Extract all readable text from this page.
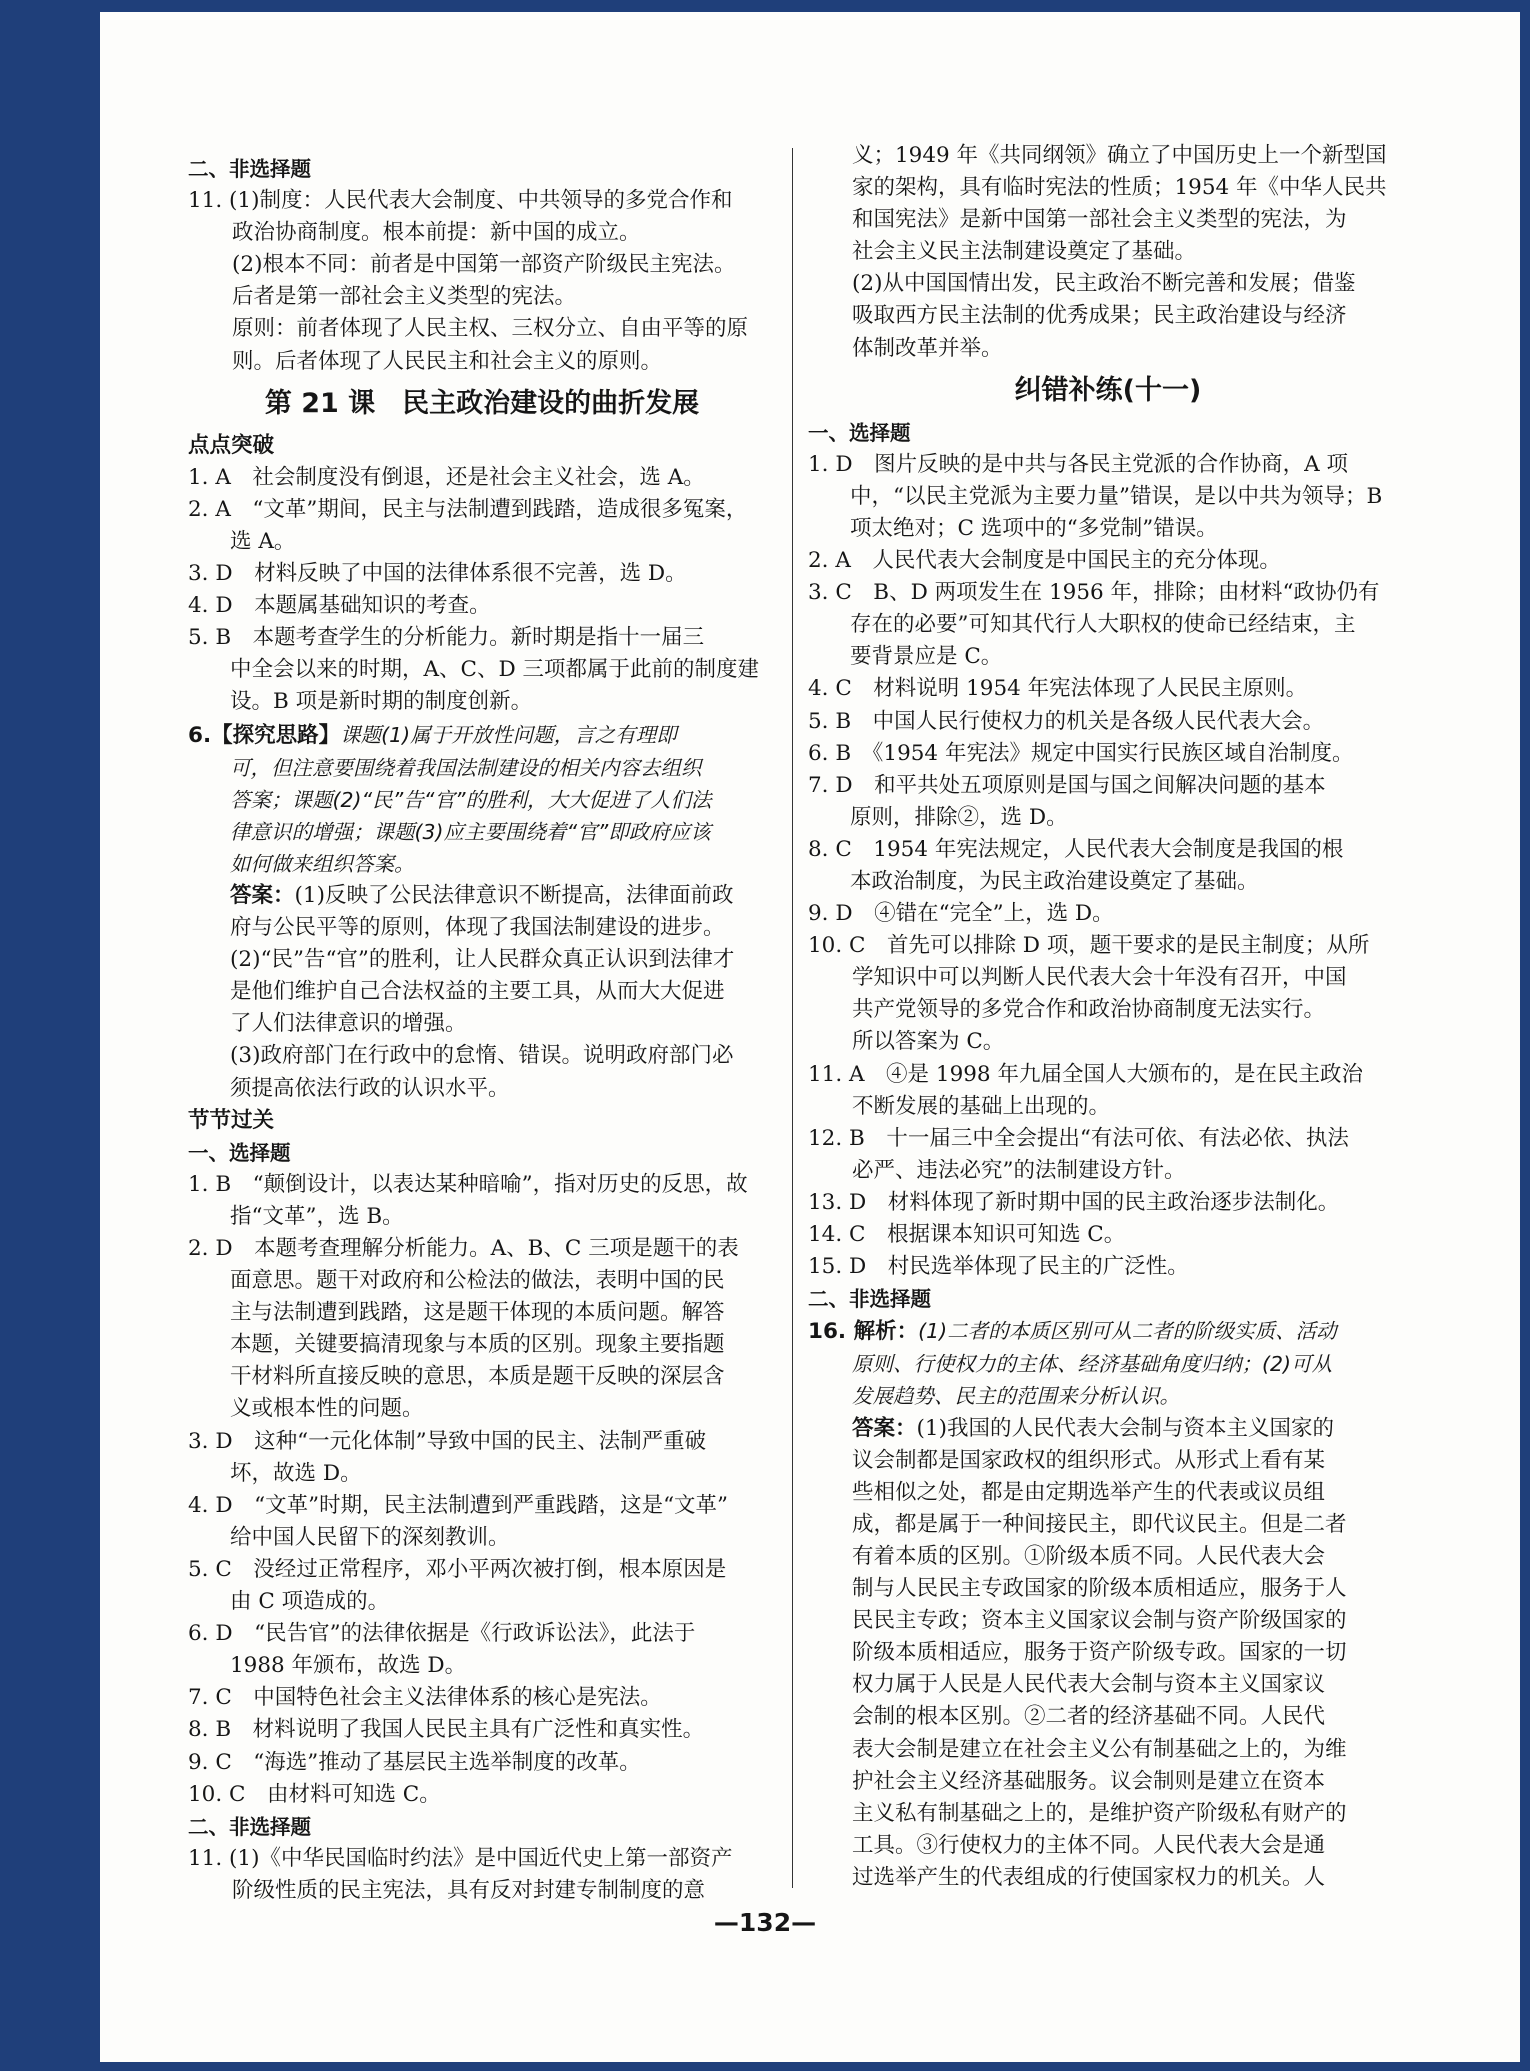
二、非选择题

11. (1)制度：人民代表大会制度、中共领导的多党合作和

政治协商制度。根本前提：新中国的成立。

(2)根本不同：前者是中国第一部资产阶级民主宪法。

后者是第一部社会主义类型的宪法。

原则：前者体现了人民主权、三权分立、自由平等的原

则。后者体现了人民民主和社会主义的原则。

第 21 课　民主政治建设的曲折发展

点点突破

1. A　社会制度没有倒退，还是社会主义社会，选 A。

2. A　“文革”期间，民主与法制遭到践踏，造成很多冤案，

选 A。

3. D　材料反映了中国的法律体系很不完善，选 D。

4. D　本题属基础知识的考查。

5. B　本题考查学生的分析能力。新时期是指十一届三

中全会以来的时期，A、C、D 三项都属于此前的制度建

设。B 项是新时期的制度创新。

6.【探究思路】课题(1)属于开放性问题，言之有理即

可，但注意要围绕着我国法制建设的相关内容去组织

答案；课题(2)“民”告“官”的胜利，大大促进了人们法

律意识的增强；课题(3)应主要围绕着“官”即政府应该

如何做来组织答案。

答案：(1)反映了公民法律意识不断提高，法律面前政

府与公民平等的原则，体现了我国法制建设的进步。

(2)“民”告“官”的胜利，让人民群众真正认识到法律才

是他们维护自己合法权益的主要工具，从而大大促进

了人们法律意识的增强。

(3)政府部门在行政中的怠惰、错误。说明政府部门必

须提高依法行政的认识水平。

节节过关

一、选择题

1. B　“颠倒设计，以表达某种暗喻”，指对历史的反思，故

指“文革”，选 B。

2. D　本题考查理解分析能力。A、B、C 三项是题干的表

面意思。题干对政府和公检法的做法，表明中国的民

主与法制遭到践踏，这是题干体现的本质问题。解答

本题，关键要搞清现象与本质的区别。现象主要指题

干材料所直接反映的意思，本质是题干反映的深层含

义或根本性的问题。

3. D　这种“一元化体制”导致中国的民主、法制严重破

坏，故选 D。

4. D　“文革”时期，民主法制遭到严重践踏，这是“文革”

给中国人民留下的深刻教训。

5. C　没经过正常程序，邓小平两次被打倒，根本原因是

由 C 项造成的。

6. D　“民告官”的法律依据是《行政诉讼法》，此法于

1988 年颁布，故选 D。

7. C　中国特色社会主义法律体系的核心是宪法。

8. B　材料说明了我国人民民主具有广泛性和真实性。

9. C　“海选”推动了基层民主选举制度的改革。

10. C　由材料可知选 C。

二、非选择题

11. (1)《中华民国临时约法》是中国近代史上第一部资产

阶级性质的民主宪法，具有反对封建专制制度的意

义；1949 年《共同纲领》确立了中国历史上一个新型国

家的架构，具有临时宪法的性质；1954 年《中华人民共

和国宪法》是新中国第一部社会主义类型的宪法，为

社会主义民主法制建设奠定了基础。

(2)从中国国情出发，民主政治不断完善和发展；借鉴

吸取西方民主法制的优秀成果；民主政治建设与经济

体制改革并举。

纠错补练(十一)

一、选择题

1. D　图片反映的是中共与各民主党派的合作协商，A 项

中，“以民主党派为主要力量”错误，是以中共为领导；B

项太绝对；C 选项中的“多党制”错误。

2. A　人民代表大会制度是中国民主的充分体现。

3. C　B、D 两项发生在 1956 年，排除；由材料“政协仍有

存在的必要”可知其代行人大职权的使命已经结束，主

要背景应是 C。

4. C　材料说明 1954 年宪法体现了人民民主原则。

5. B　中国人民行使权力的机关是各级人民代表大会。

6. B　《1954 年宪法》规定中国实行民族区域自治制度。

7. D　和平共处五项原则是国与国之间解决问题的基本

原则，排除②，选 D。

8. C　1954 年宪法规定，人民代表大会制度是我国的根

本政治制度，为民主政治建设奠定了基础。

9. D　④错在“完全”上，选 D。

10. C　首先可以排除 D 项，题干要求的是民主制度；从所

学知识中可以判断人民代表大会十年没有召开，中国

共产党领导的多党合作和政治协商制度无法实行。

所以答案为 C。

11. A　④是 1998 年九届全国人大颁布的，是在民主政治

不断发展的基础上出现的。

12. B　十一届三中全会提出“有法可依、有法必依、执法

必严、违法必究”的法制建设方针。

13. D　材料体现了新时期中国的民主政治逐步法制化。

14. C　根据课本知识可知选 C。

15. D　村民选举体现了民主的广泛性。

二、非选择题

16. 解析：(1)二者的本质区别可从二者的阶级实质、活动

原则、行使权力的主体、经济基础角度归纳；(2)可从

发展趋势、民主的范围来分析认识。

答案：(1)我国的人民代表大会制与资本主义国家的

议会制都是国家政权的组织形式。从形式上看有某

些相似之处，都是由定期选举产生的代表或议员组

成，都是属于一种间接民主，即代议民主。但是二者

有着本质的区别。①阶级本质不同。人民代表大会

制与人民民主专政国家的阶级本质相适应，服务于人

民民主专政；资本主义国家议会制与资产阶级国家的

阶级本质相适应，服务于资产阶级专政。国家的一切

权力属于人民是人民代表大会制与资本主义国家议

会制的根本区别。②二者的经济基础不同。人民代

表大会制是建立在社会主义公有制基础之上的，为维

护社会主义经济基础服务。议会制则是建立在资本

主义私有制基础之上的，是维护资产阶级私有财产的

工具。③行使权力的主体不同。人民代表大会是通

过选举产生的代表组成的行使国家权力的机关。人

—132—
